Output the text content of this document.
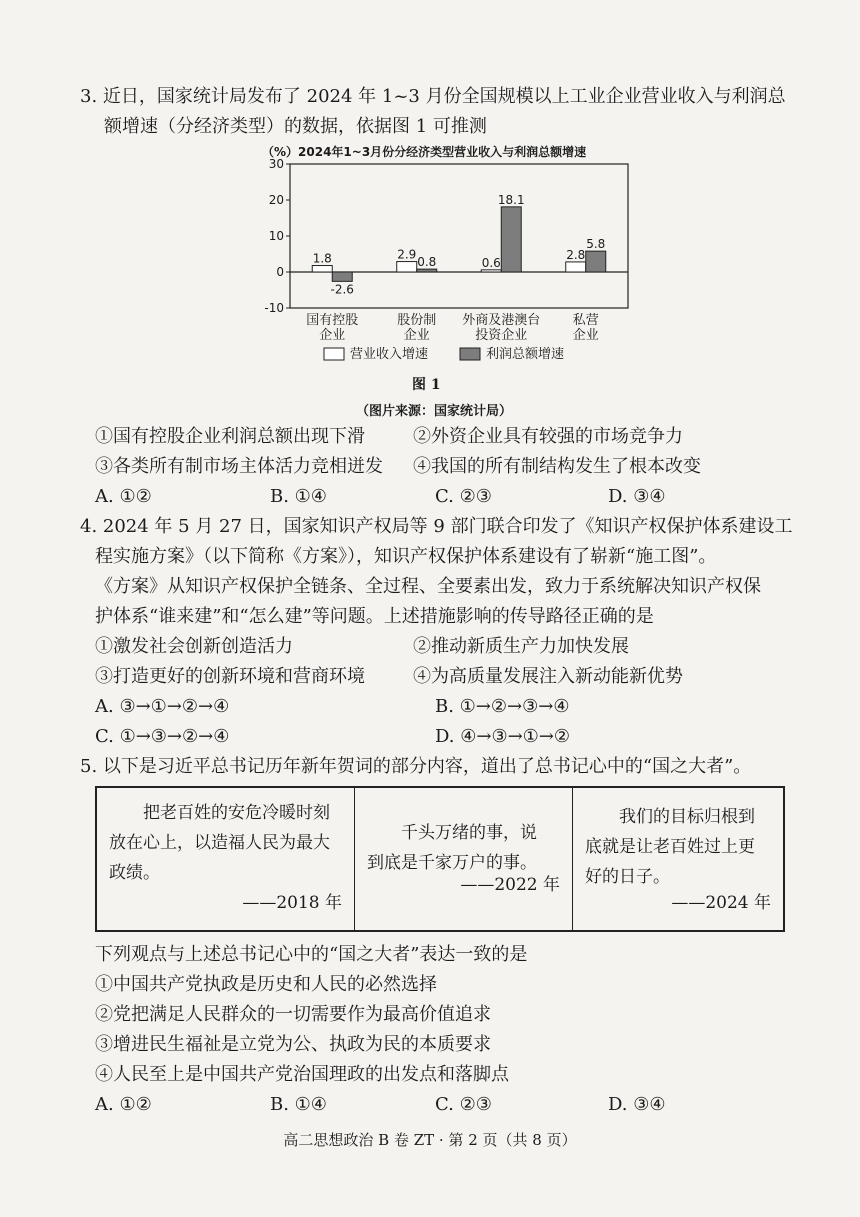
3. 近日，国家统计局发布了 2024 年 1~3 月份全国规模以上工业企业营业收入与利润总
额增速（分经济类型）的数据，依据图 1 可推测
（%）2024年1~3月份分经济类型营业收入与利润总额增速
-10
0
10
20
30
1.8
-2.6
国有控股
企业
2.9
0.8
股份制
企业
0.6
18.1
外商及港澳台
投资企业
2.8
5.8
私营
企业
营业收入增速	利润总额增速
图 1
（图片来源：国家统计局）
①国有控股企业利润总额出现下滑	②外资企业具有较强的市场竞争力
③各类所有制市场主体活力竞相迸发 ④我国的所有制结构发生了根本改变
A. ①②	B. ①④	C. ②③	D. ③④
4. 2024 年 5 月 27 日，国家知识产权局等 9 部门联合印发了《知识产权保护体系建设工
程实施方案》（以下简称《方案》），知识产权保护体系建设有了崭新“施工图”。
《方案》从知识产权保护全链条、全过程、全要素出发，致力于系统解决知识产权保
护体系“谁来建”和“怎么建”等问题。上述措施影响的传导路径正确的是
①激发社会创新创造活力	②推动新质生产力加快发展
③打造更好的创新环境和营商环境	④为高质量发展注入新动能新优势
A. ③→①→②→④	B. ①→②→③→④
C. ①→③→②→④	D. ④→③→①→②
5. 以下是习近平总书记历年新年贺词的部分内容，道出了总书记心中的“国之大者”。
　　把老百姓的安危冷暖时刻
放在心上，以造福人民为最大
政绩。
——2018 年
　　千头万绪的事，说
到底是千家万户的事。
——2022 年
　　我们的目标归根到
底就是让老百姓过上更
好的日子。
——2024 年
下列观点与上述总书记心中的“国之大者”表达一致的是
①中国共产党执政是历史和人民的必然选择
②党把满足人民群众的一切需要作为最高价值追求
③增进民生福祉是立党为公、执政为民的本质要求
④人民至上是中国共产党治国理政的出发点和落脚点
A. ①②	B. ①④	C. ②③	D. ③④
高二思想政治 B 卷 ZT · 第 2 页（共 8 页）
